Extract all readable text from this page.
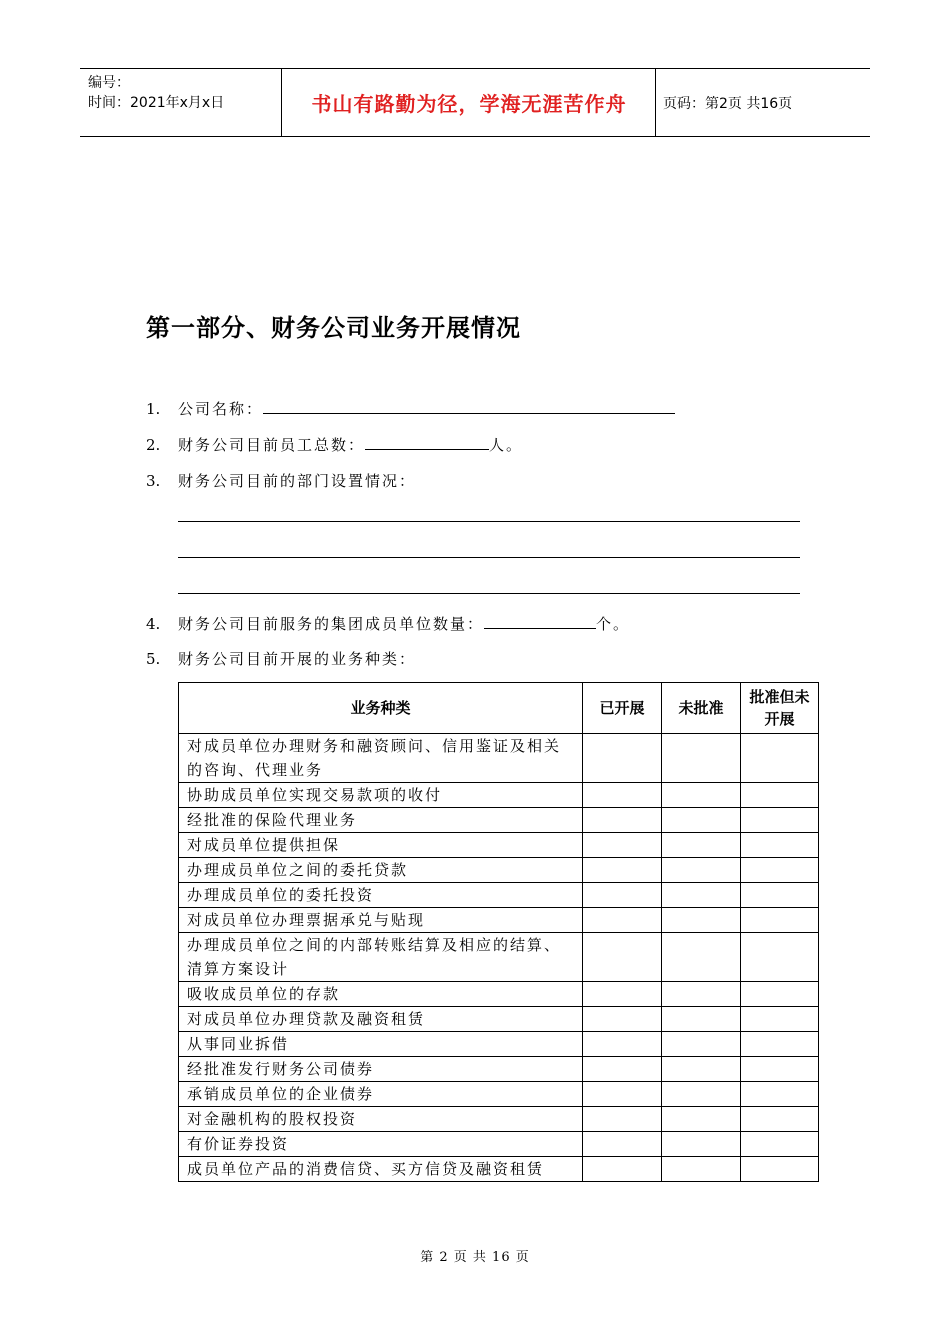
编号：
时间：2021年x月x日	书山有路勤为径，学海无涯苦作舟	页码：第2页 共16页
第一部分、财务公司业务开展情况
1. 公司名称：
2. 财务公司目前员工总数：	人。
3. 财务公司目前的部门设置情况：
4. 财务公司目前服务的集团成员单位数量：	个。
5. 财务公司目前开展的业务种类：
业务种类	已开展	未批准	批准但未开展
对成员单位办理财务和融资顾问、信用鉴证及相关的咨询、代理业务			
协助成员单位实现交易款项的收付			
经批准的保险代理业务			
对成员单位提供担保			
办理成员单位之间的委托贷款			
办理成员单位的委托投资			
对成员单位办理票据承兑与贴现			
办理成员单位之间的内部转账结算及相应的结算、清算方案设计			
吸收成员单位的存款			
对成员单位办理贷款及融资租赁			
从事同业拆借			
经批准发行财务公司债券			
承销成员单位的企业债券			
对金融机构的股权投资			
有价证券投资			
成员单位产品的消费信贷、买方信贷及融资租赁			
第 2 页 共 16 页
